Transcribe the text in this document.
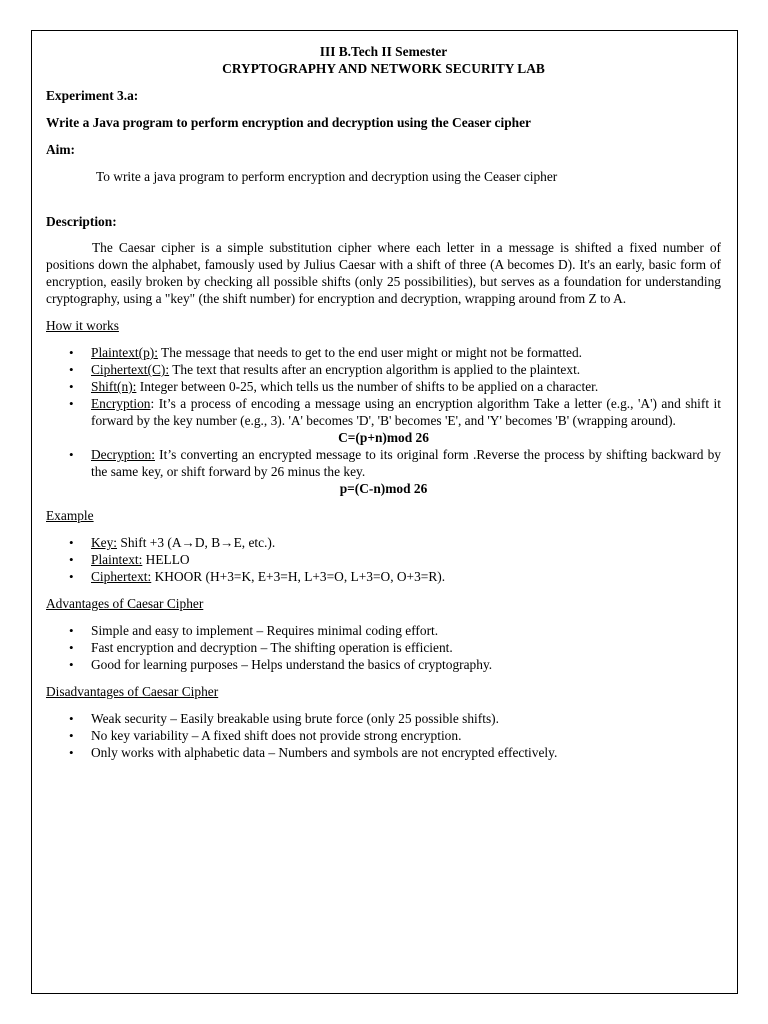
III B.Tech II Semester
CRYPTOGRAPHY AND NETWORK SECURITY LAB

Experiment 3.a:

Write a Java program to perform encryption and decryption using the Ceaser cipher

Aim:

To write a java program to perform encryption and decryption using the Ceaser cipher

Description:

The Caesar cipher is a simple substitution cipher where each letter in a message is shifted a fixed number of positions down the alphabet, famously used by Julius Caesar with a shift of three (A becomes D). It's an early, basic form of encryption, easily broken by checking all possible shifts (only 25 possibilities), but serves as a foundation for understanding cryptography, using a "key" (the shift number) for encryption and decryption, wrapping around from Z to A.

How it works

• Plaintext(p): The message that needs to get to the end user might or might not be formatted.
• Ciphertext(C): The text that results after an encryption algorithm is applied to the plaintext.
• Shift(n): Integer between 0-25, which tells us the number of shifts to be applied on a character.
• Encryption: It’s a process of encoding a message using an encryption algorithm Take a letter (e.g., 'A') and shift it forward by the key number (e.g., 3). 'A' becomes 'D', 'B' becomes 'E', and 'Y' becomes 'B' (wrapping around).
C=(p+n)mod 26
• Decryption: It’s converting an encrypted message to its original form .Reverse the process by shifting backward by the same key, or shift forward by 26 minus the key.
p=(C-n)mod 26

Example

• Key: Shift +3 (A→D, B→E, etc.).
• Plaintext: HELLO
• Ciphertext: KHOOR (H+3=K, E+3=H, L+3=O, L+3=O, O+3=R).

Advantages of Caesar Cipher

• Simple and easy to implement – Requires minimal coding effort.
• Fast encryption and decryption – The shifting operation is efficient.
• Good for learning purposes – Helps understand the basics of cryptography.

Disadvantages of Caesar Cipher

• Weak security – Easily breakable using brute force (only 25 possible shifts).
• No key variability – A fixed shift does not provide strong encryption.
• Only works with alphabetic data – Numbers and symbols are not encrypted effectively.
